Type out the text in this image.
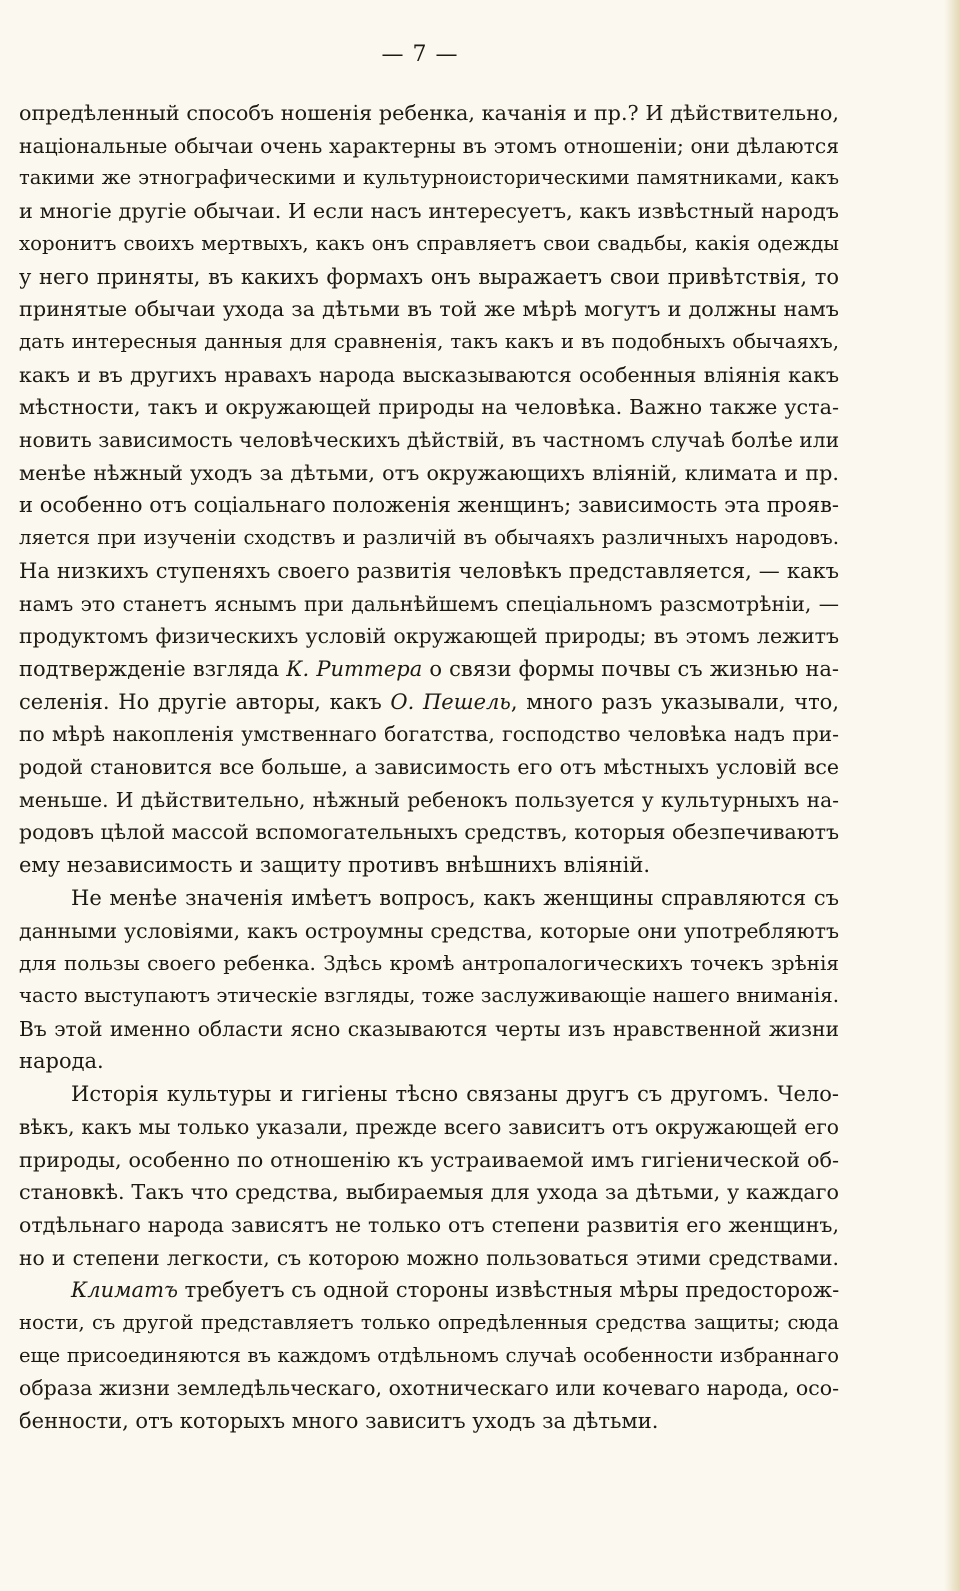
— 7 —
опредѣленный способъ ношенія ребенка, качанія и пр.? И дѣйствительно,
національные обычаи очень характерны въ этомъ отношеніи; они дѣлаются
такими же этнографическими и культурноисторическими памятниками, какъ
и многіе другіе обычаи. И если насъ интересуетъ, какъ извѣстный народъ
хоронитъ своихъ мертвыхъ, какъ онъ справляетъ свои свадьбы, какія одежды
у него приняты, въ какихъ формахъ онъ выражаетъ свои привѣтствія, то
принятые обычаи ухода за дѣтьми въ той же мѣрѣ могутъ и должны намъ
дать интересныя данныя для сравненія, такъ какъ и въ подобныхъ обычаяхъ,
какъ и въ другихъ нравахъ народа высказываются особенныя вліянія какъ
мѣстности, такъ и окружающей природы на человѣка. Важно также уста-
новить зависимость человѣческихъ дѣйствій, въ частномъ случаѣ болѣе или
менѣе нѣжный уходъ за дѣтьми, отъ окружающихъ вліяній, климата и пр.
и особенно отъ соціальнаго положенія женщинъ; зависимость эта прояв-
ляется при изученіи сходствъ и различій въ обычаяхъ различныхъ народовъ.
На низкихъ ступеняхъ своего развитія человѣкъ представляется, — какъ
намъ это станетъ яснымъ при дальнѣйшемъ спеціальномъ разсмотрѣніи, —
продуктомъ физическихъ условій окружающей природы; въ этомъ лежитъ
подтвержденіе взгляда К. Риттера о связи формы почвы съ жизнью на-
селенія. Но другіе авторы, какъ О. Пешель, много разъ указывали, что,
по мѣрѣ накопленія умственнаго богатства, господство человѣка надъ при-
родой становится все больше, а зависимость его отъ мѣстныхъ условій все
меньше. И дѣйствительно, нѣжный ребенокъ пользуется у культурныхъ на-
родовъ цѣлой массой вспомогательныхъ средствъ, которыя обезпечиваютъ
ему независимость и защиту противъ внѣшнихъ вліяній.
Не менѣе значенія имѣетъ вопросъ, какъ женщины справляются съ
данными условіями, какъ остроумны средства, которые они употребляютъ
для пользы своего ребенка. Здѣсь кромѣ антропалогическихъ точекъ зрѣнія
часто выступаютъ этическіе взгляды, тоже заслуживающіе нашего вниманія.
Въ этой именно области ясно сказываются черты изъ нравственной жизни
народа.
Исторія культуры и гигіены тѣсно связаны другъ съ другомъ. Чело-
вѣкъ, какъ мы только указали, прежде всего зависитъ отъ окружающей его
природы, особенно по отношенію къ устраиваемой имъ гигіенической об-
становкѣ. Такъ что средства, выбираемыя для ухода за дѣтьми, у каждаго
отдѣльнаго народа зависятъ не только отъ степени развитія его женщинъ,
но и степени легкости, съ которою можно пользоваться этими средствами.
Климатъ требуетъ съ одной стороны извѣстныя мѣры предосторож-
ности, съ другой представляетъ только опредѣленныя средства защиты; сюда
еще присоединяются въ каждомъ отдѣльномъ случаѣ особенности избраннаго
образа жизни земледѣльческаго, охотническаго или кочеваго народа, осо-
бенности, отъ которыхъ много зависитъ уходъ за дѣтьми.
